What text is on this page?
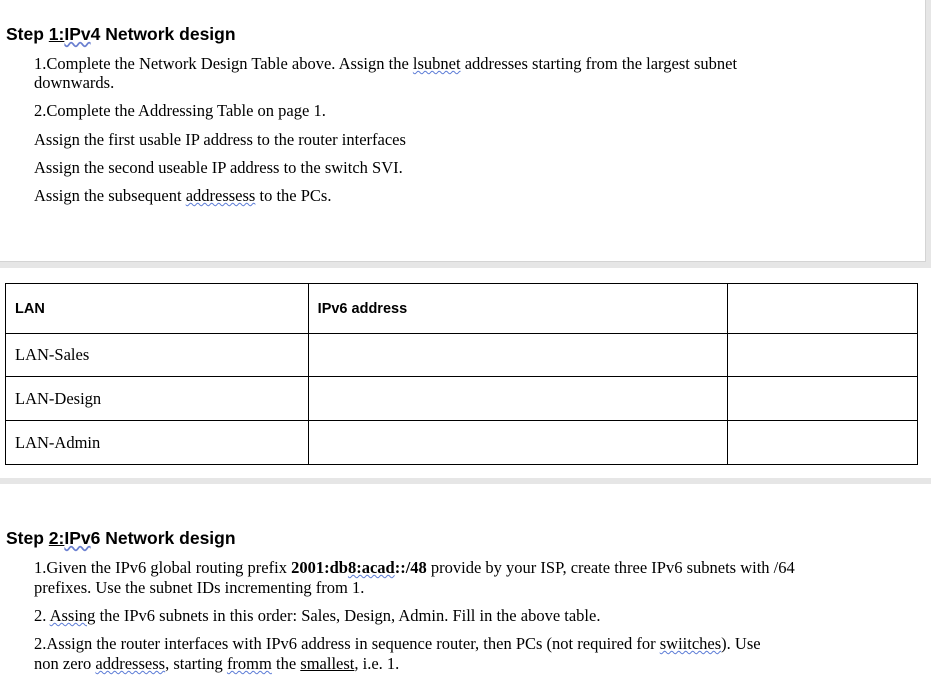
Step 1:IPv4 Network design
1.Complete the Network Design Table above. Assign the lsubnet addresses starting from the largest subnet
downwards.
2.Complete the Addressing Table on page 1.
Assign the first usable IP address to the router interfaces
Assign the second useable IP address to the switch SVI.
Assign the subsequent addressess to the PCs.
LAN	IPv6 address	
LAN-Sales		
LAN-Design		
LAN-Admin		
Step 2:IPv6 Network design
1.Given the IPv6 global routing prefix 2001:db8:acad::/48 provide by your ISP, create three IPv6 subnets with /64
prefixes. Use the subnet IDs incrementing from 1.
2. Assing the IPv6 subnets in this order: Sales, Design, Admin. Fill in the above table.
2.Assign the router interfaces with IPv6 address in sequence router, then PCs (not required for swiitches). Use
non zero addressess, starting fromm the smallest, i.e. 1.
